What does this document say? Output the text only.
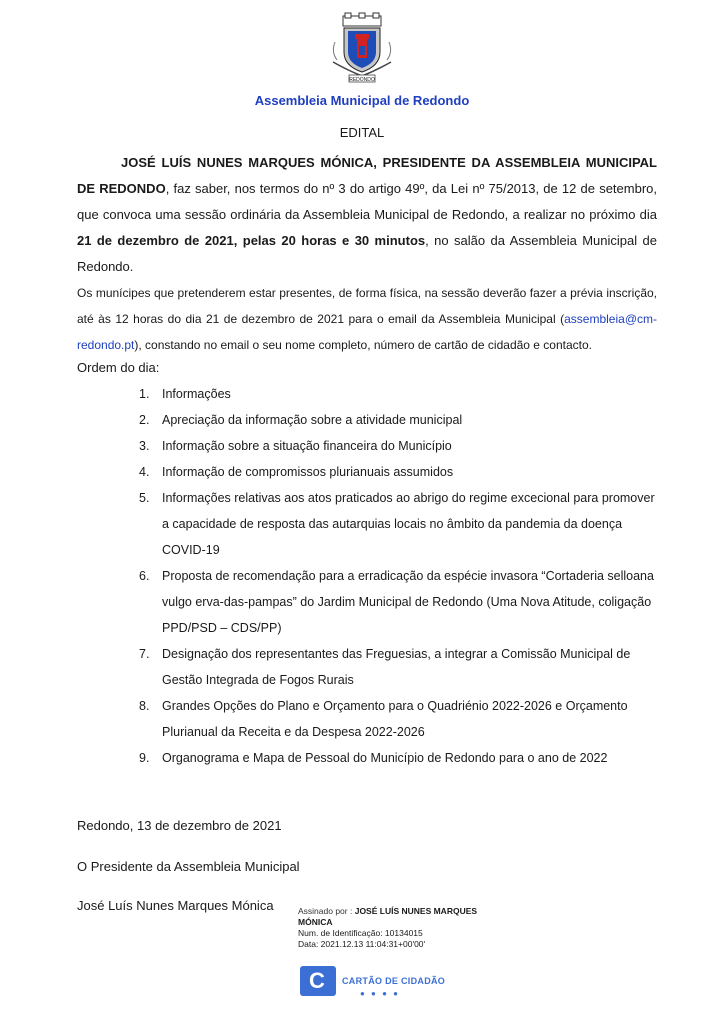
REDONDO
Assembleia Municipal de Redondo
EDITAL

JOSÉ LUÍS NUNES MARQUES MÓNICA, PRESIDENTE DA ASSEMBLEIA MUNICIPAL DE REDONDO, faz saber, nos termos do nº 3 do artigo 49º, da Lei nº 75/2013, de 12 de setembro, que convoca uma sessão ordinária da Assembleia Municipal de Redondo, a realizar no próximo dia 21 de dezembro de 2021, pelas 20 horas e 30 minutos, no salão da Assembleia Municipal de Redondo.

Os munícipes que pretenderem estar presentes, de forma física, na sessão deverão fazer a prévia inscrição, até às 12 horas do dia 21 de dezembro de 2021 para o email da Assembleia Municipal (assembleia@cm-redondo.pt), constando no email o seu nome completo, número de cartão de cidadão e contacto.

Ordem do dia:
1. Informações
2. Apreciação da informação sobre a atividade municipal
3. Informação sobre a situação financeira do Município
4. Informação de compromissos plurianuais assumidos
5. Informações relativas aos atos praticados ao abrigo do regime excecional para promover a capacidade de resposta das autarquias locais no âmbito da pandemia da doença COVID-19
6. Proposta de recomendação para a erradicação da espécie invasora “Cortaderia selloana vulgo erva-das-pampas” do Jardim Municipal de Redondo (Uma Nova Atitude, coligação PPD/PSD – CDS/PP)
7. Designação dos representantes das Freguesias, a integrar a Comissão Municipal de Gestão Integrada de Fogos Rurais
8. Grandes Opções do Plano e Orçamento para o Quadriénio 2022-2026 e Orçamento Plurianual da Receita e da Despesa 2022-2026
9. Organograma e Mapa de Pessoal do Município de Redondo para o ano de 2022
Redondo, 13 de dezembro de 2021
O Presidente da Assembleia Municipal
José Luís Nunes Marques Mónica	Assinado por : JOSÉ LUÍS NUNES MARQUES MÓNICA
Num. de Identificação: 10134015
Data: 2021.12.13 11:04:31+00'00'
C CARTÃO DE CIDADÃO
● ● ● ●
